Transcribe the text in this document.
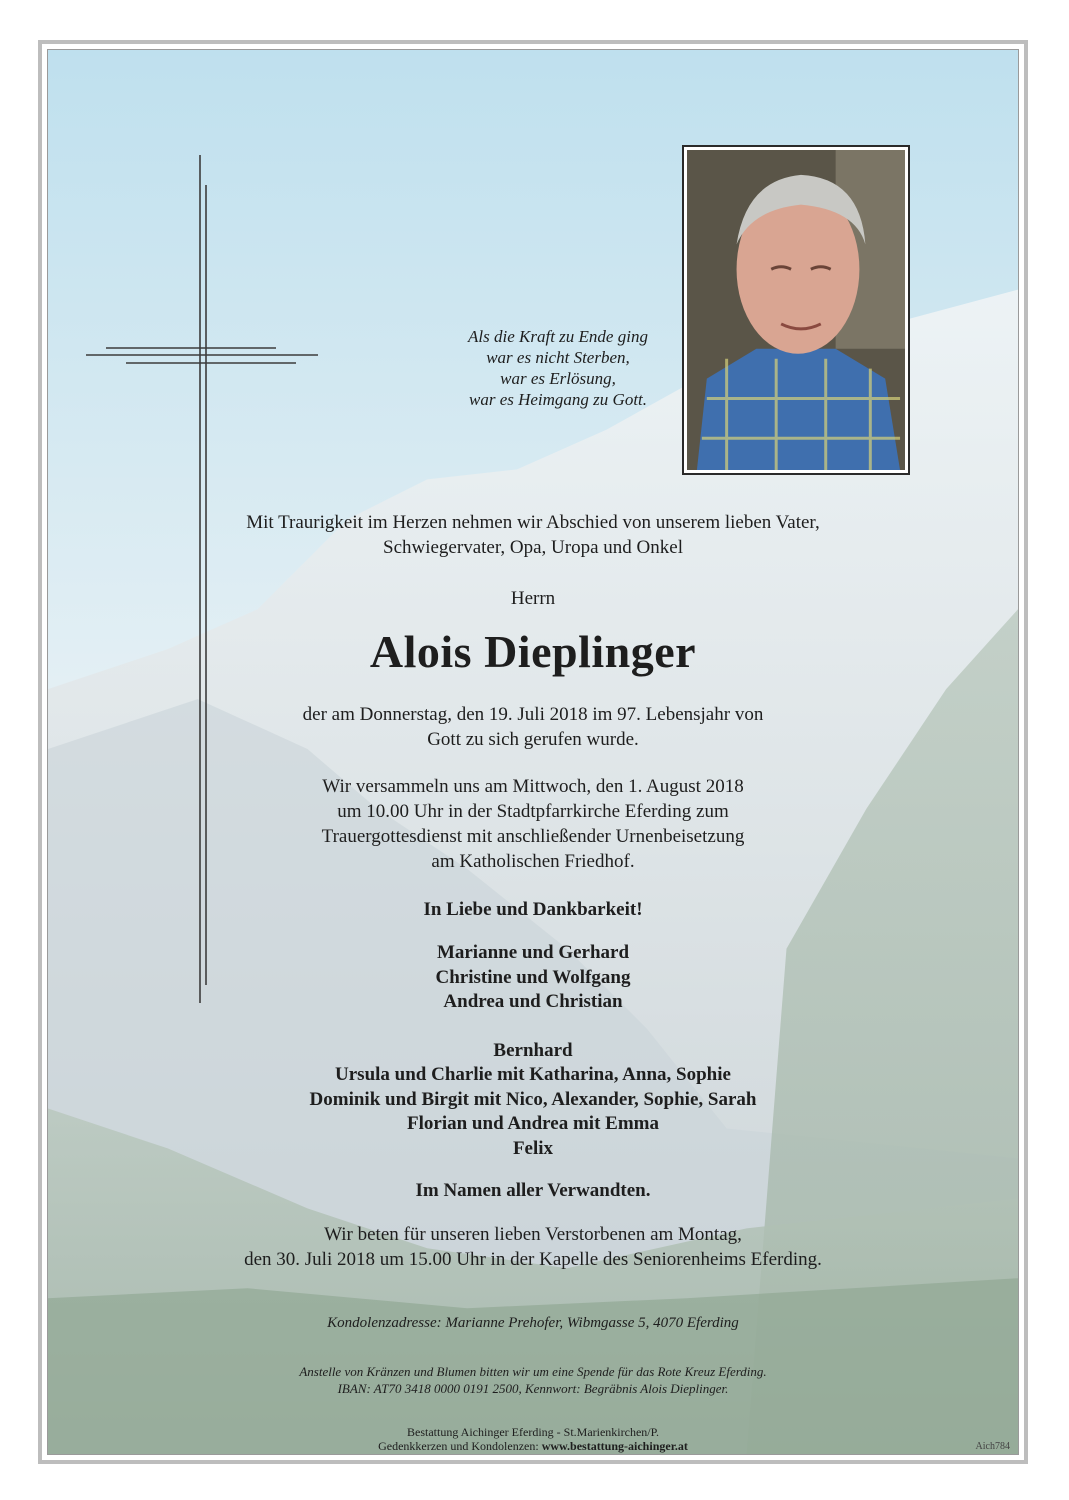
Als die Kraft zu Ende ging
war es nicht Sterben,
war es Erlösung,
war es Heimgang zu Gott.
Mit Traurigkeit im Herzen nehmen wir Abschied von unserem lieben Vater,
Schwiegervater, Opa, Uropa und Onkel
Herrn
Alois Dieplinger
der am Donnerstag, den 19. Juli 2018 im 97. Lebensjahr von
Gott zu sich gerufen wurde.
Wir versammeln uns am Mittwoch, den 1. August 2018
um 10.00 Uhr in der Stadtpfarrkirche Eferding zum
Trauergottesdienst mit anschließender Urnenbeisetzung
am Katholischen Friedhof.
In Liebe und Dankbarkeit!
Marianne und Gerhard
Christine und Wolfgang
Andrea und Christian
Bernhard
Ursula und Charlie mit Katharina, Anna, Sophie
Dominik und Birgit mit Nico, Alexander, Sophie, Sarah
Florian und Andrea mit Emma
Felix
Im Namen aller Verwandten.
Wir beten für unseren lieben Verstorbenen am Montag,
den 30. Juli 2018 um 15.00 Uhr in der Kapelle des Seniorenheims Eferding.
Kondolenzadresse: Marianne Prehofer, Wibmgasse 5, 4070 Eferding
Anstelle von Kränzen und Blumen bitten wir um eine Spende für das Rote Kreuz Eferding.
IBAN: AT70 3418 0000 0191 2500, Kennwort: Begräbnis Alois Dieplinger.
Bestattung Aichinger Eferding - St.Marienkirchen/P.
Gedenkkerzen und Kondolenzen: www.bestattung-aichinger.at	Aich784
